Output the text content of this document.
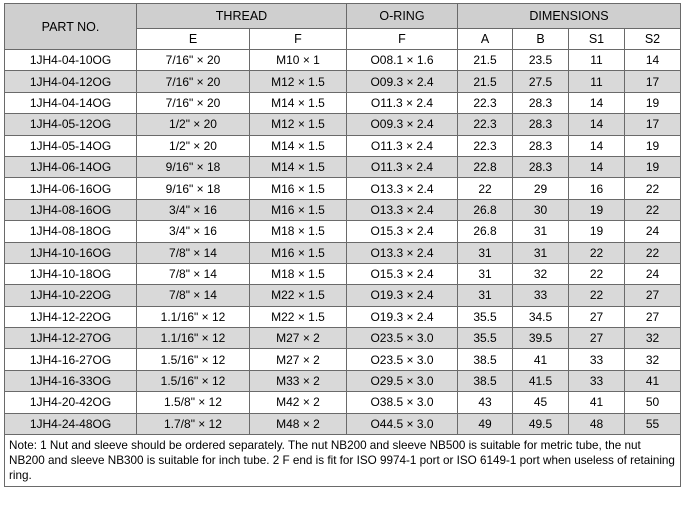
PART NO.	THREAD		O-RING	DIMENSIONS			
	E	F	F	A	B	S1	S2
1JH4-04-10OG	7/16" × 20	M10 × 1	O08.1 × 1.6	21.5	23.5	11	14
1JH4-04-12OG	7/16" × 20	M12 × 1.5	O09.3 × 2.4	21.5	27.5	11	17
1JH4-04-14OG	7/16" × 20	M14 × 1.5	O11.3 × 2.4	22.3	28.3	14	19
1JH4-05-12OG	1/2" × 20	M12 × 1.5	O09.3 × 2.4	22.3	28.3	14	17
1JH4-05-14OG	1/2" × 20	M14 × 1.5	O11.3 × 2.4	22.3	28.3	14	19
1JH4-06-14OG	9/16" × 18	M14 × 1.5	O11.3 × 2.4	22.8	28.3	14	19
1JH4-06-16OG	9/16" × 18	M16 × 1.5	O13.3 × 2.4	22	29	16	22
1JH4-08-16OG	3/4" × 16	M16 × 1.5	O13.3 × 2.4	26.8	30	19	22
1JH4-08-18OG	3/4" × 16	M18 × 1.5	O15.3 × 2.4	26.8	31	19	24
1JH4-10-16OG	7/8" × 14	M16 × 1.5	O13.3 × 2.4	31	31	22	22
1JH4-10-18OG	7/8" × 14	M18 × 1.5	O15.3 × 2.4	31	32	22	24
1JH4-10-22OG	7/8" × 14	M22 × 1.5	O19.3 × 2.4	31	33	22	27
1JH4-12-22OG	1.1/16" × 12	M22 × 1.5	O19.3 × 2.4	35.5	34.5	27	27
1JH4-12-27OG	1.1/16" × 12	M27 × 2	O23.5 × 3.0	35.5	39.5	27	32
1JH4-16-27OG	1.5/16" × 12	M27 × 2	O23.5 × 3.0	38.5	41	33	32
1JH4-16-33OG	1.5/16" × 12	M33 × 2	O29.5 × 3.0	38.5	41.5	33	41
1JH4-20-42OG	1.5/8" × 12	M42 × 2	O38.5 × 3.0	43	45	41	50
1JH4-24-48OG	1.7/8" × 12	M48 × 2	O44.5 × 3.0	49	49.5	48	55
Note: 1 Nut and sleeve should be ordered separately. The nut NB200 and sleeve NB500 is suitable for metric tube, the nut NB200 and sleeve NB300 is suitable for inch tube. 2 F end is fit for ISO 9974-1 port or ISO 6149-1 port when useless of retaining ring.							
